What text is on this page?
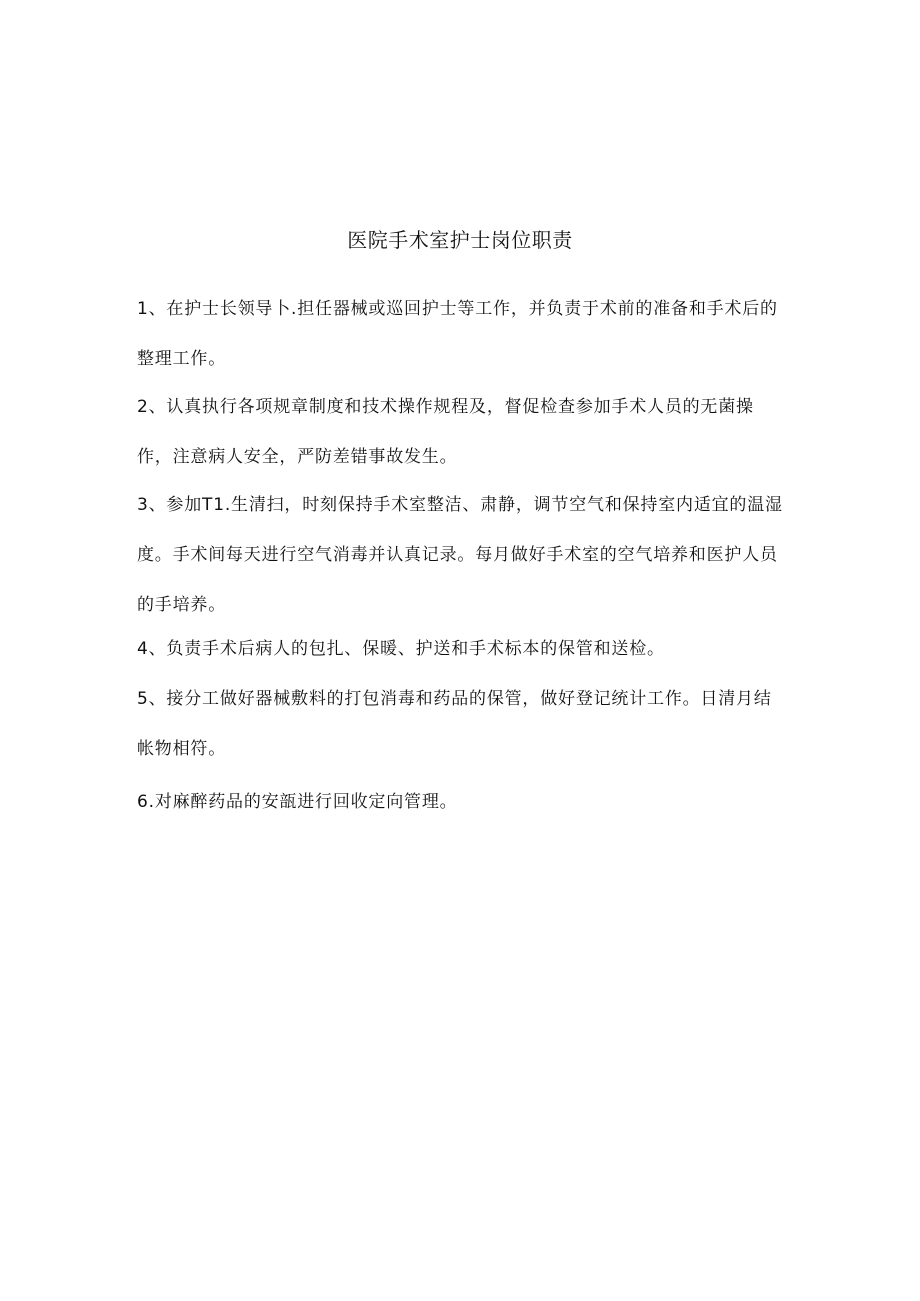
医院手术室护士岗位职责

1、在护士长领导卜.担任器械或巡回护士等工作，并负责于术前的准备和手术后的整理工作。

2、认真执行各项规章制度和技术操作规程及，督促检查参加手术人员的无菌操作，注意病人安全，严防差错事故发生。

3、参加T1.生清扫，时刻保持手术室整洁、肃静，调节空气和保持室内适宜的温湿度。手术间每天进行空气消毒并认真记录。每月做好手术室的空气培养和医护人员的手培养。

4、负责手术后病人的包扎、保暖、护送和手术标本的保管和送检。

5、接分工做好器械敷料的打包消毒和药品的保管，做好登记统计工作。日清月结帐物相符。

6.对麻醉药品的安瓿进行回收定向管理。
